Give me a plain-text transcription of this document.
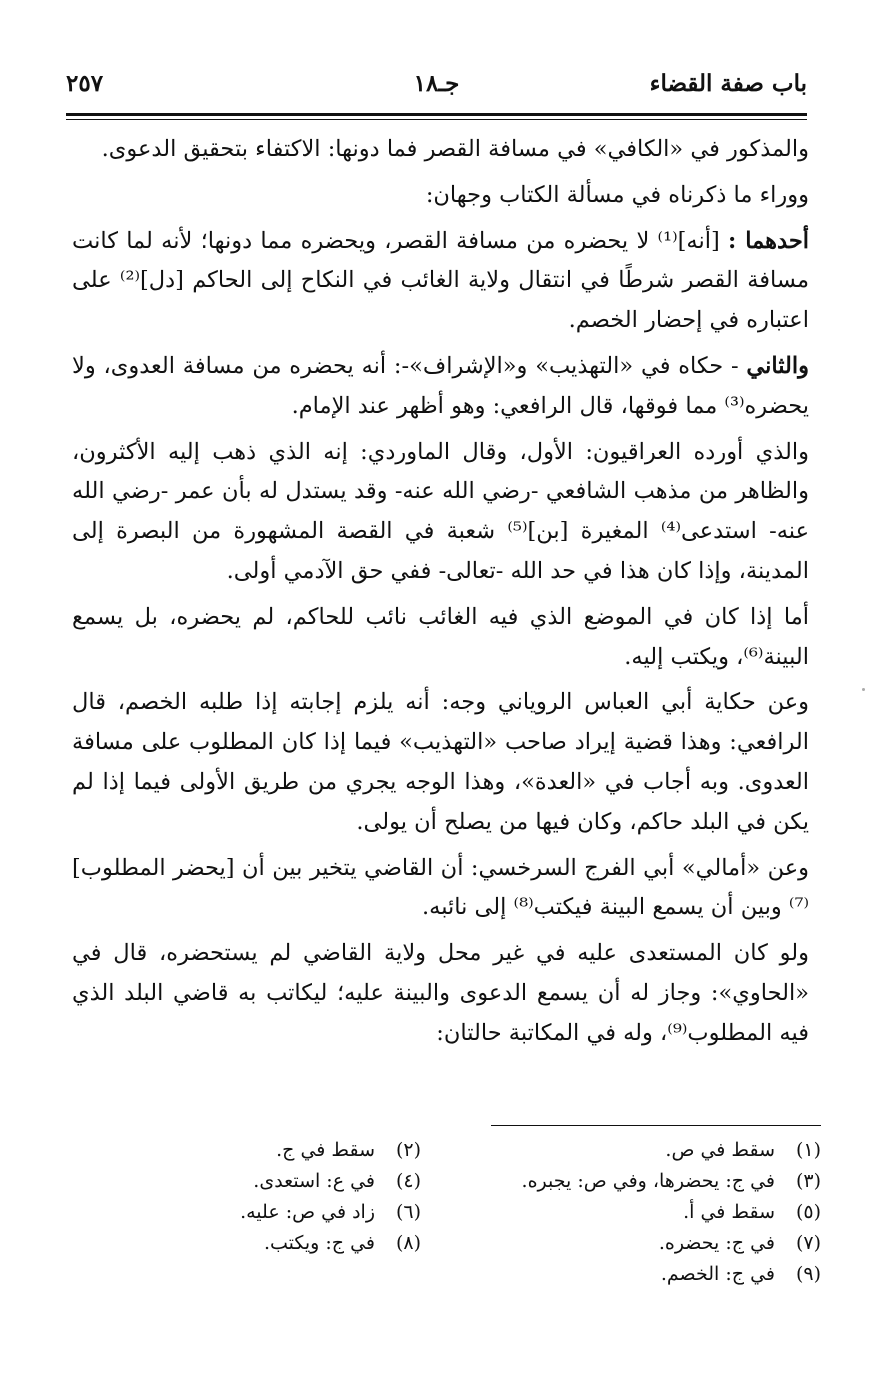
باب صفة القضاء
جـ١٨
٢٥٧

والمذكور في «الكافي» في مسافة القصر فما دونها: الاكتفاء بتحقيق الدعوى.

ووراء ما ذكرناه في مسألة الكتاب وجهان:

أحدهما : [أنه]⁽¹⁾ لا يحضره من مسافة القصر، ويحضره مما دونها؛ لأنه لما كانت مسافة القصر شرطًا في انتقال ولاية الغائب في النكاح إلى الحاكم [دل]⁽²⁾ على اعتباره في إحضار الخصم.

والثاني - حكاه في «التهذيب» و«الإشراف»-: أنه يحضره من مسافة العدوى، ولا يحضره⁽³⁾ مما فوقها، قال الرافعي: وهو أظهر عند الإمام.

والذي أورده العراقيون: الأول، وقال الماوردي: إنه الذي ذهب إليه الأكثرون، والظاهر من مذهب الشافعي -رضي الله عنه- وقد يستدل له بأن عمر -رضي الله عنه- استدعى⁽⁴⁾ المغيرة [بن]⁽⁵⁾ شعبة في القصة المشهورة من البصرة إلى المدينة، وإذا كان هذا في حد الله -تعالى- ففي حق الآدمي أولى.

أما إذا كان في الموضع الذي فيه الغائب نائب للحاكم، لم يحضره، بل يسمع البينة⁽⁶⁾، ويكتب إليه.

وعن حكاية أبي العباس الروياني وجه: أنه يلزم إجابته إذا طلبه الخصم، قال الرافعي: وهذا قضية إيراد صاحب «التهذيب» فيما إذا كان المطلوب على مسافة العدوى. وبه أجاب في «العدة»، وهذا الوجه يجري من طريق الأولى فيما إذا لم يكن في البلد حاكم، وكان فيها من يصلح أن يولى.

وعن «أمالي» أبي الفرج السرخسي: أن القاضي يتخير بين أن [يحضر المطلوب]⁽⁷⁾ وبين أن يسمع البينة فيكتب⁽⁸⁾ إلى نائبه.

ولو كان المستعدى عليه في غير محل ولاية القاضي لم يستحضره، قال في «الحاوي»: وجاز له أن يسمع الدعوى والبينة عليه؛ ليكاتب به قاضي البلد الذي فيه المطلوب⁽⁹⁾، وله في المكاتبة حالتان:

(١)سقط في ص.
(٣)في ج: يحضرها، وفي ص: يجبره.
(٥)سقط في أ.
(٧)في ج: يحضره.
(٩)في ج: الخصم.
(٢)سقط في ج.
(٤)في ع: استعدى.
(٦)زاد في ص: عليه.
(٨)في ج: ويكتب.
